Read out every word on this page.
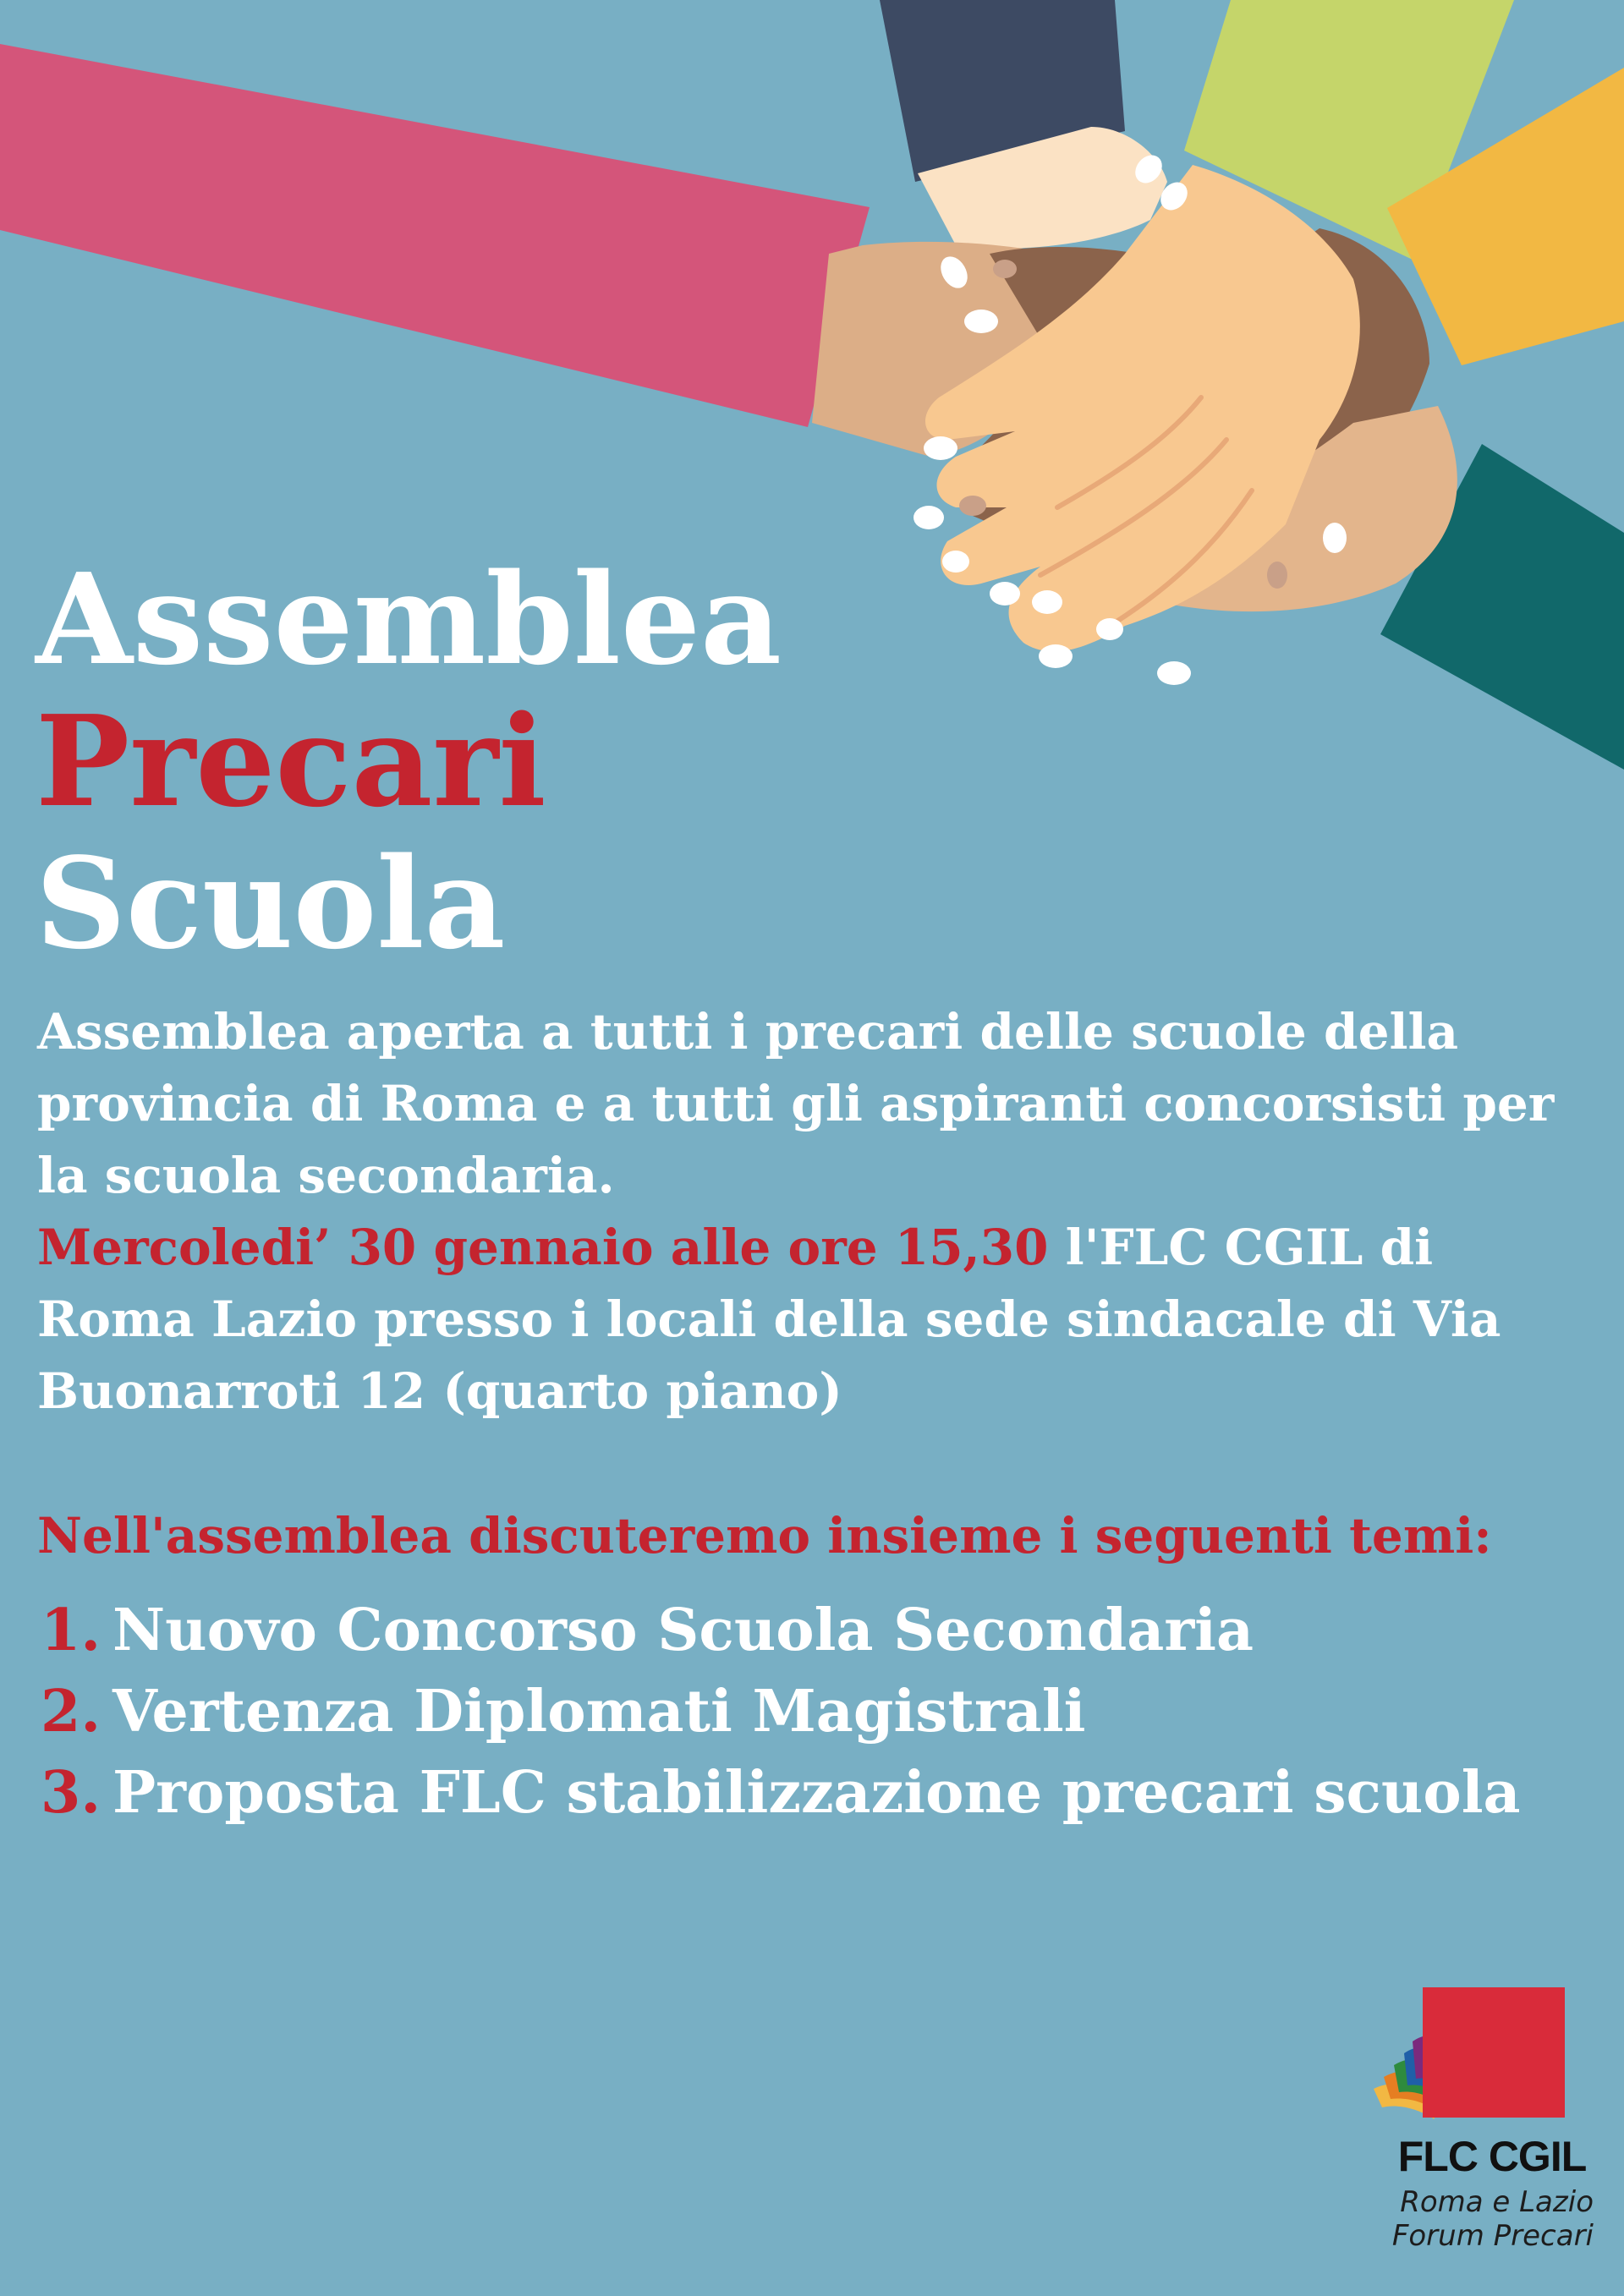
Assemblea
Precari
Scuola

Assemblea aperta a tutti i precari delle scuole della provincia di Roma e a tutti gli aspiranti concorsisti per la scuola secondaria.
Mercoledi’ 30 gennaio alle ore 15,30 l'FLC CGIL di Roma Lazio presso i locali della sede sindacale di Via Buonarroti 12 (quarto piano)

Nell'assemblea discuteremo insieme i seguenti temi:
1. Nuovo Concorso Scuola Secondaria
2. Vertenza Diplomati Magistrali
3. Proposta FLC stabilizzazione precari scuola
FLC CGIL
Roma e Lazio
Forum Precari
